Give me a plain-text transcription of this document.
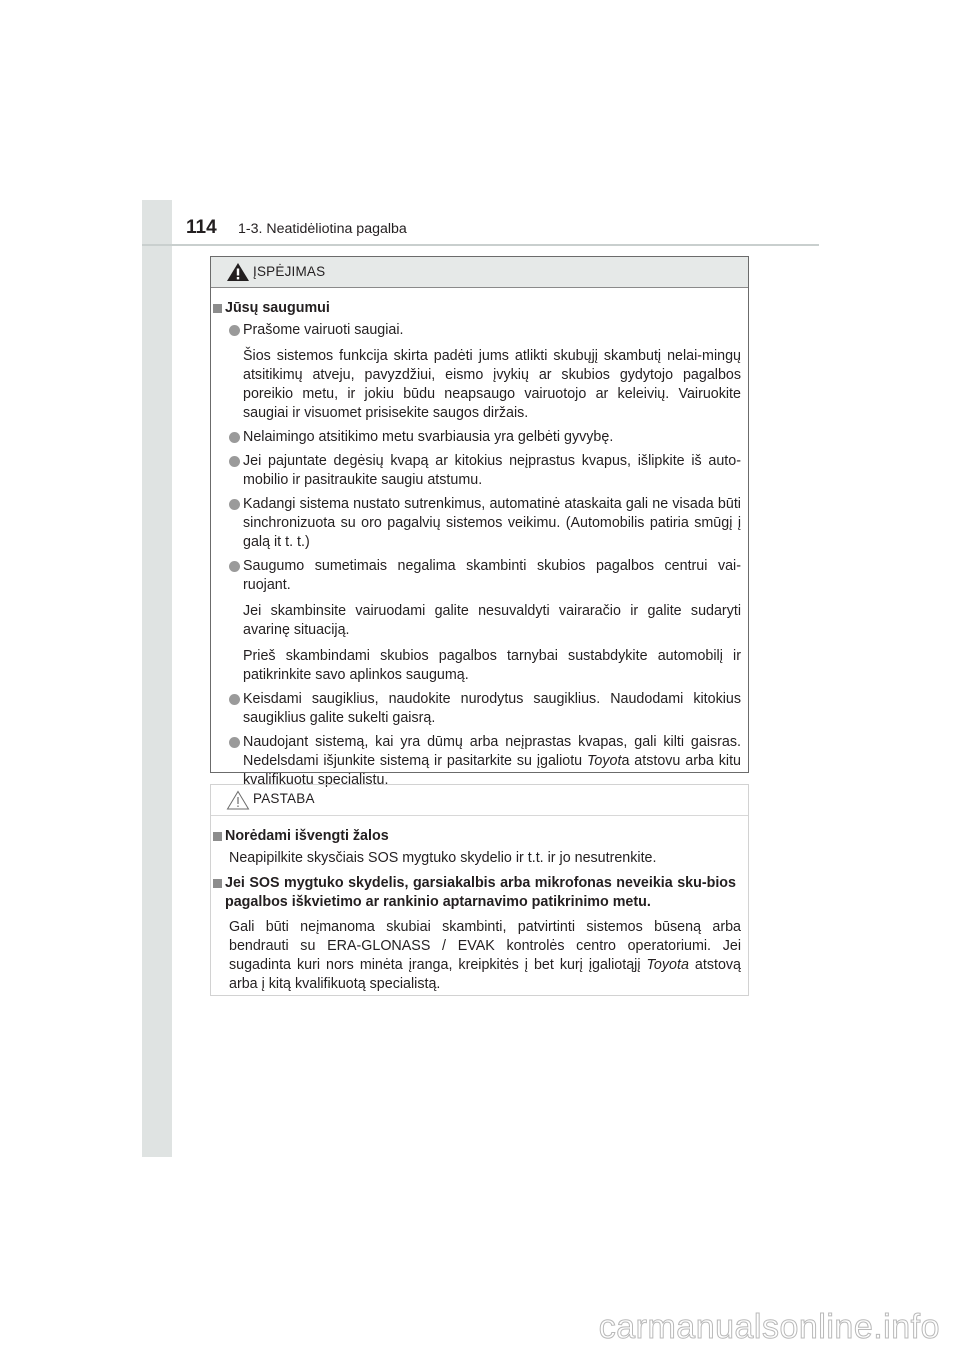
114 1-3. Neatidėliotina pagalba
ĮSPĖJIMAS

Jūsų saugumui

Prašome vairuoti saugiai.

Šios sistemos funkcija skirta padėti jums atlikti skubųjį skambutį nelai-mingų atsitikimų atveju, pavyzdžiui, eismo įvykių ar skubios gydytojo pagalbos poreikio metu, ir jokiu būdu neapsaugo vairuotojo ar keleivių. Vairuokite saugiai ir visuomet prisisekite saugos diržais.

Nelaimingo atsitikimo metu svarbiausia yra gelbėti gyvybę.

Jei pajuntate degėsių kvapą ar kitokius neįprastus kvapus, išlipkite iš auto-mobilio ir pasitraukite saugiu atstumu.

Kadangi sistema nustato sutrenkimus, automatinė ataskaita gali ne visada būti sinchronizuota su oro pagalvių sistemos veikimu. (Automobilis patiria smūgį į galą it t. t.)

Saugumo sumetimais negalima skambinti skubios pagalbos centrui vai-ruojant.

Jei skambinsite vairuodami galite nesuvaldyti vairaračio ir galite sudaryti avarinę situaciją.

Prieš skambindami skubios pagalbos tarnybai sustabdykite automobilį ir patikrinkite savo aplinkos saugumą.

Keisdami saugiklius, naudokite nurodytus saugiklius. Naudodami kitokius saugiklius galite sukelti gaisrą.

Naudojant sistemą, kai yra dūmų arba neįprastas kvapas, gali kilti gaisras. Nedelsdami išjunkite sistemą ir pasitarkite su įgaliotu Toyota atstovu arba kitu kvalifikuotu specialistu.

PASTABA

Norėdami išvengti žalos

Neapipilkite skysčiais SOS mygtuko skydelio ir t.t. ir jo nesutrenkite.

Jei SOS mygtuko skydelis, garsiakalbis arba mikrofonas neveikia sku-bios pagalbos iškvietimo ar rankinio aptarnavimo patikrinimo metu.

Gali būti neįmanoma skubiai skambinti, patvirtinti sistemos būseną arba bendrauti su ERA-GLONASS / EVAK kontrolės centro operatoriumi. Jei sugadinta kuri nors minėta įranga, kreipkitės į bet kurį įgaliotąjį Toyota atstovą arba į kitą kvalifikuotą specialistą.

carmanualsonline.info
